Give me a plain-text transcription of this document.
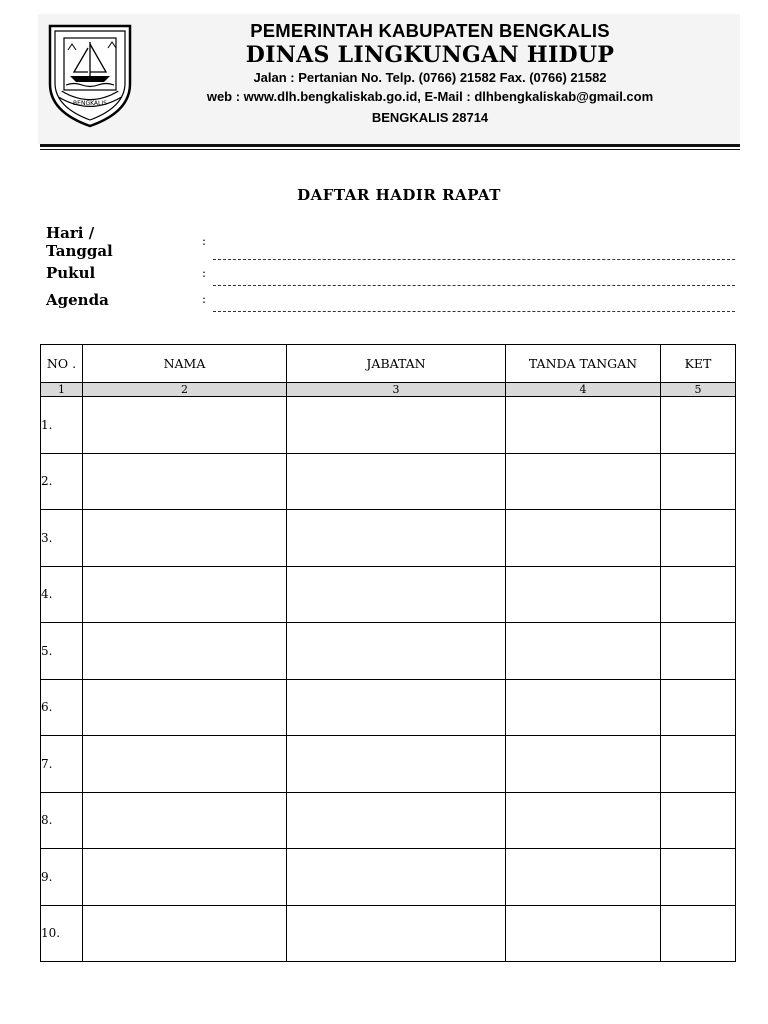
BENGKALIS
PEMERINTAH KABUPATEN BENGKALIS
DINAS LINGKUNGAN HIDUP
Jalan : Pertanian No. Telp. (0766) 21582 Fax. (0766) 21582
web : www.dlh.bengkaliskab.go.id, E-Mail : dlhbengkaliskab@gmail.com
BENGKALIS 28714
DAFTAR HADIR RAPAT
Hari / Tanggal
:
Pukul	:
Agenda	:
NO .	NAMA	JABATAN	TANDA TANGAN	KET
1	2	3	4	5
1.				
2.				
3.				
4.				
5.				
6.				
7.				
8.				
9.				
10.				
